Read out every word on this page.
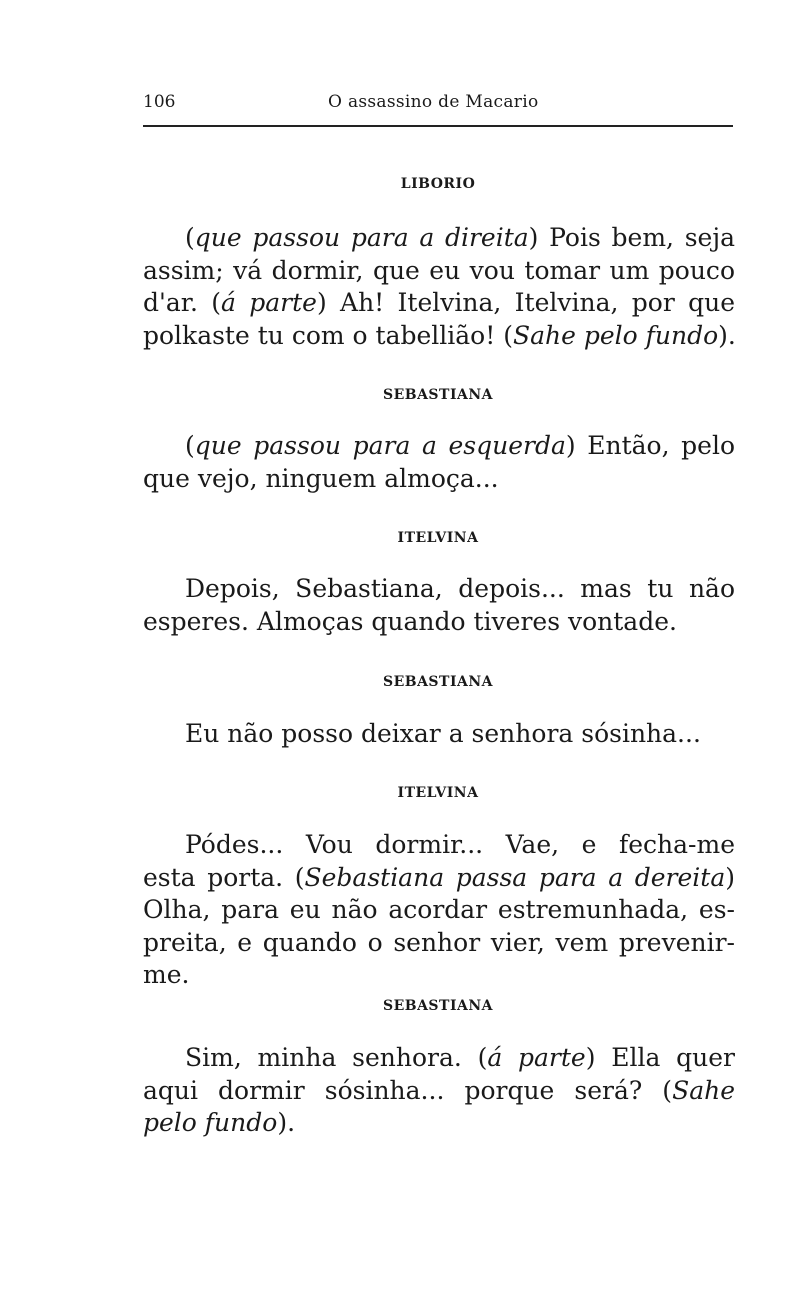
106	O assassino de Macario
LIBORIO
(que passou para a direita) Pois bem, seja
assim; vá dormir, que eu vou tomar um pouco
d'ar. (á parte) Ah! Itelvina, Itelvina, por que
polkaste tu com o tabellião! (Sahe pelo fundo).
SEBASTIANA
(que passou para a esquerda) Então, pelo
que vejo, ninguem almoça...
ITELVINA
Depois, Sebastiana, depois... mas tu não
esperes. Almoças quando tiveres vontade.
SEBASTIANA
Eu não posso deixar a senhora sósinha...
ITELVINA
Pódes... Vou dormir... Vae, e fecha-me
esta porta. (Sebastiana passa para a dereita)
Olha, para eu não acordar estremunhada, es-
preita, e quando o senhor vier, vem prevenir-
me.
SEBASTIANA
Sim, minha senhora. (á parte) Ella quer
aqui dormir sósinha... porque será? (Sahe
pelo fundo).
